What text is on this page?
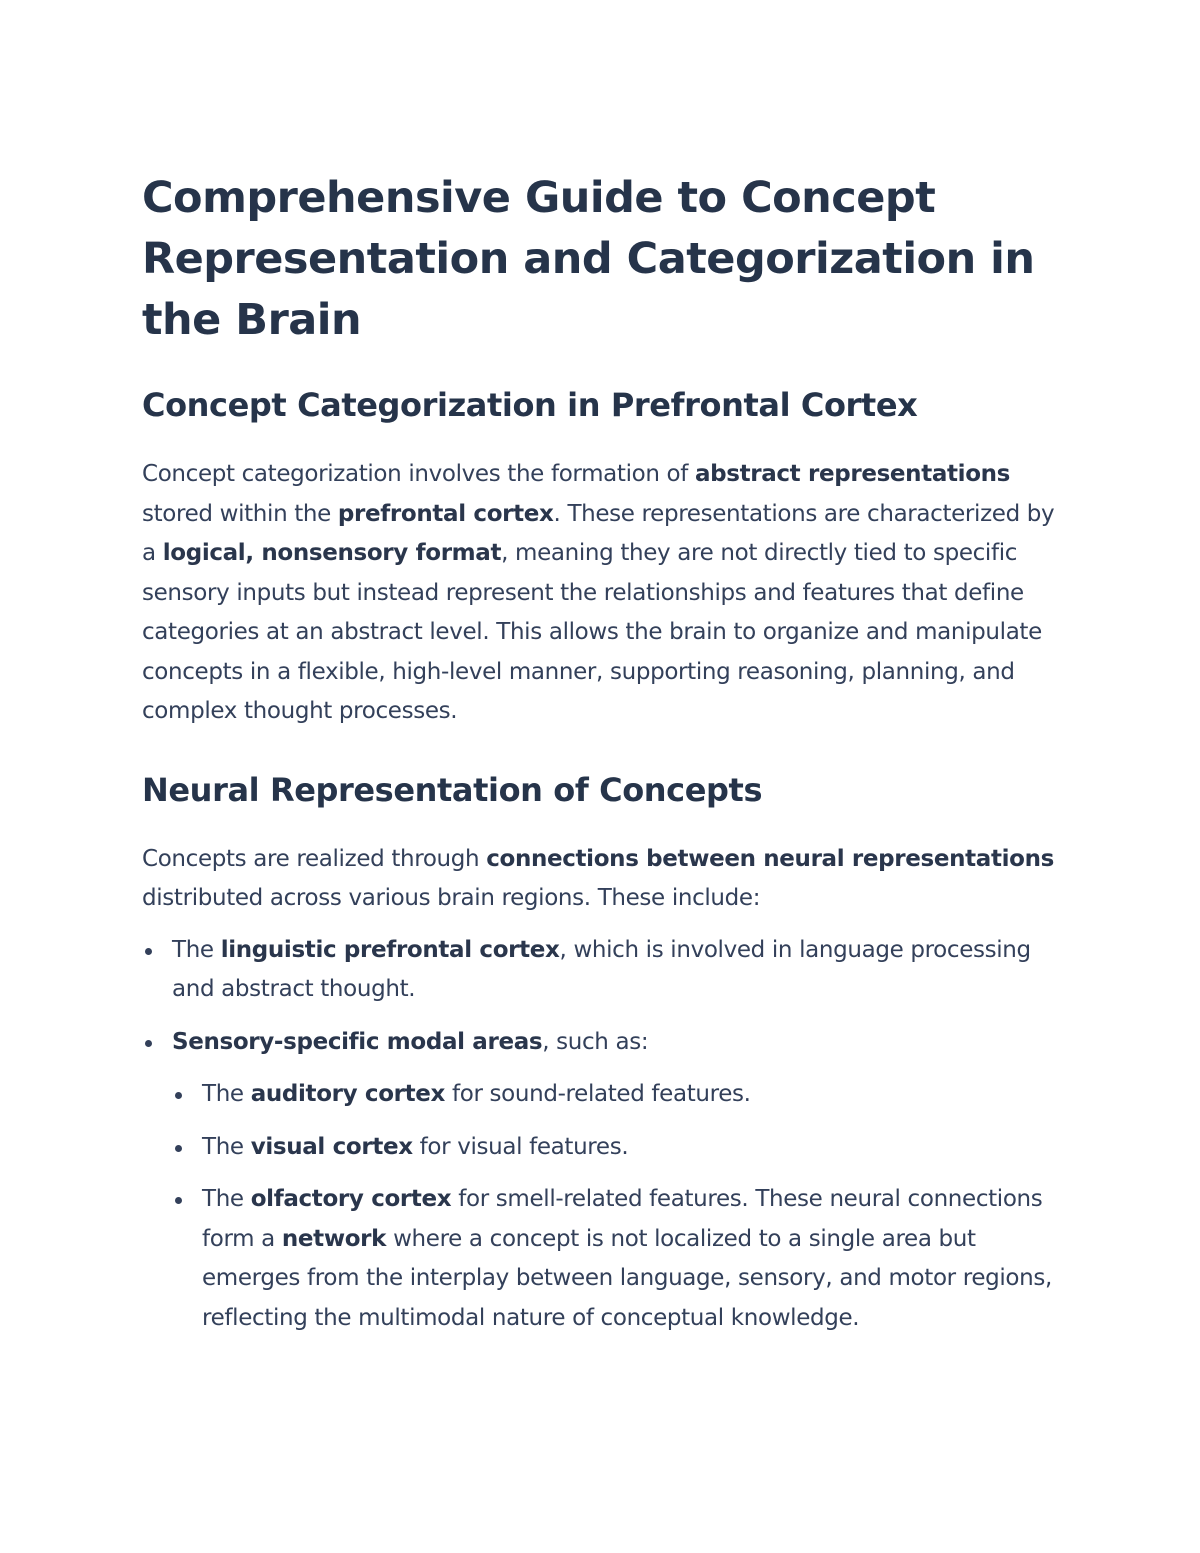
Comprehensive Guide to Concept Representation and Categorization in the Brain
Concept Categorization in Prefrontal Cortex

Concept categorization involves the formation of abstract representations stored within the prefrontal cortex. These representations are characterized by a logical, nonsensory format, meaning they are not directly tied to specific sensory inputs but instead represent the relationships and features that define categories at an abstract level. This allows the brain to organize and manipulate concepts in a flexible, high-level manner, supporting reasoning, planning, and complex thought processes.

Neural Representation of Concepts

Concepts are realized through connections between neural representations distributed across various brain regions. These include:

The linguistic prefrontal cortex, which is involved in language processing and abstract thought.
Sensory-specific modal areas, such as:
The auditory cortex for sound-related features.
The visual cortex for visual features.
The olfactory cortex for smell-related features. These neural connections form a network where a concept is not localized to a single area but emerges from the interplay between language, sensory, and motor regions, reflecting the multimodal nature of conceptual knowledge.
